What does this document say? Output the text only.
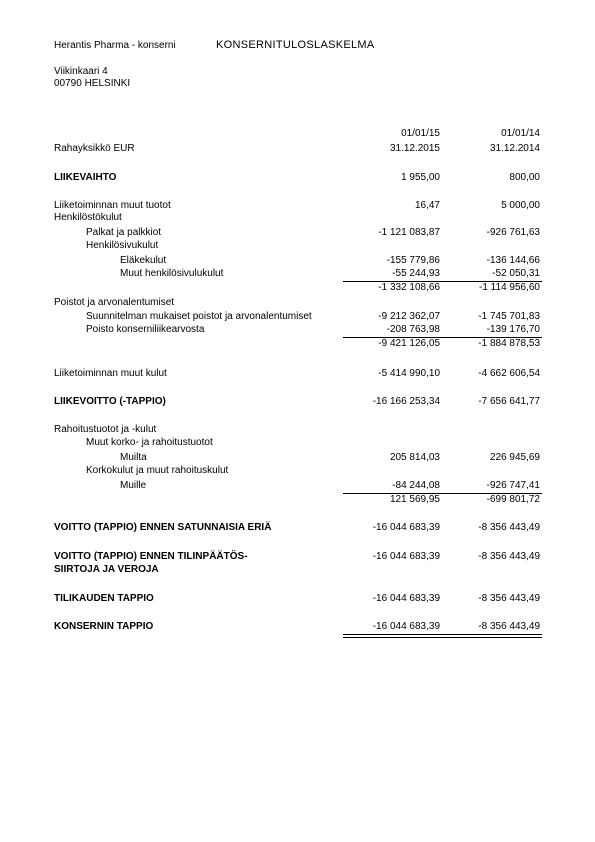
Herantis Pharma - konserni	KONSERNITULOSLASKELMA
Viikinkaari 4
00790 HELSINKI
01/01/15	01/01/14
Rahayksikkö EUR	31.12.2015	31.12.2014
LIIKEVAIHTO	1 955,00	800,00
Liiketoiminnan muut tuotot	16,47	5 000,00
Henkilöstökulut
Palkat ja palkkiot	-1 121 083,87	-926 761,63
Henkilösivukulut
Eläkekulut	-155 779,86	-136 144,66
Muut henkilösivulukulut	-55 244,93	-52 050,31
-1 332 108,66	-1 114 956,60
Poistot ja arvonalentumiset
Suunnitelman mukaiset poistot ja arvonalentumiset	-9 212 362,07	-1 745 701,83
Poisto konserniliikearvosta	-208 763,98	-139 176,70
-9 421 126,05	-1 884 878,53
Liiketoiminnan muut kulut	-5 414 990,10	-4 662 606,54
LIIKEVOITTO (-TAPPIO)	-16 166 253,34	-7 656 641,77
Rahoitustuotot ja -kulut
Muut korko- ja rahoitustuotot
Muilta	205 814,03	226 945,69
Korkokulut ja muut rahoituskulut
Muille	-84 244,08	-926 747,41
121 569,95	-699 801,72
VOITTO (TAPPIO) ENNEN SATUNNAISIA ERIÄ	-16 044 683,39	-8 356 443,49
VOITTO (TAPPIO) ENNEN TILINPÄÄTÖS-	-16 044 683,39	-8 356 443,49
SIIRTOJA JA VEROJA
TILIKAUDEN TAPPIO	-16 044 683,39	-8 356 443,49
KONSERNIN TAPPIO	-16 044 683,39	-8 356 443,49
